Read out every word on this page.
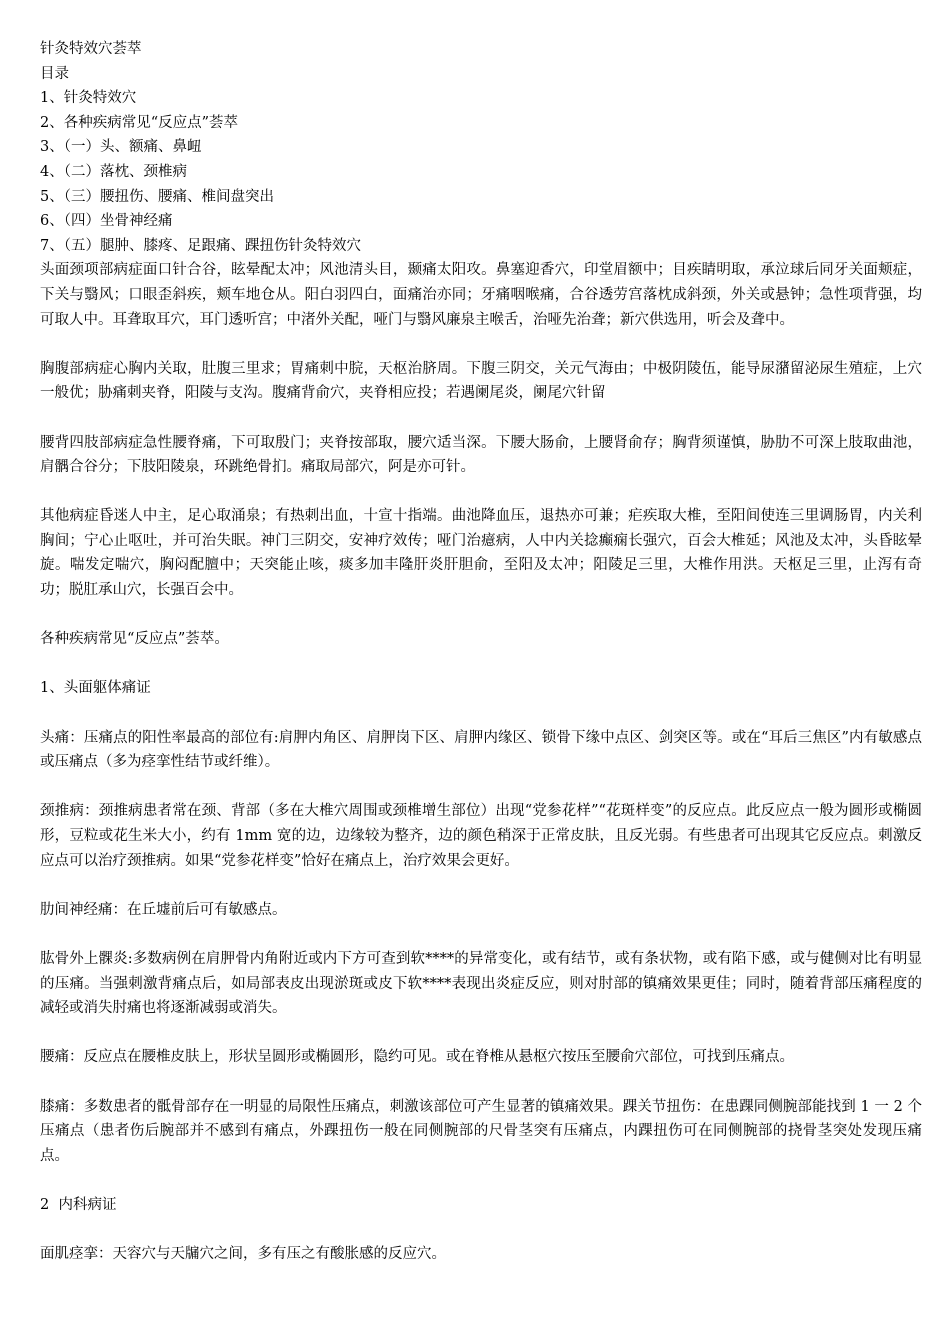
针灸特效穴荟萃

目录

1、针灸特效穴

2、各种疾病常见“反应点”荟萃

3、（一）头、额痛、鼻衄

4、（二）落枕、颈椎病

5、（三）腰扭伤、腰痛、椎间盘突出

6、（四）坐骨神经痛

7、（五）腿肿、膝疼、足跟痛、踝扭伤针灸特效穴

头面颈项部病症面口针合谷，眩晕配太冲；风池清头目，颞痛太阳攻。鼻塞迎香穴，印堂眉额中；目疾睛明取，承泣球后同牙关面颊症，下关与翳风；口眼歪斜疾，颊车地仓从。阳白羽四白，面痛治亦同；牙痛咽喉痛，合谷透劳宫落枕成斜颈，外关或悬钟；急性项背强，均可取人中。耳聋取耳穴，耳门透听宫；中渚外关配，哑门与翳风廉泉主喉舌，治哑先治聋；新穴供选用，听会及聋中。

胸腹部病症心胸内关取，肚腹三里求；胃痛刺中脘，天枢治脐周。下腹三阴交，关元气海由；中极阴陵伍，能导尿潴留泌尿生殖症，上穴一般优；胁痛刺夹脊，阳陵与支沟。腹痛背俞穴，夹脊相应投；若遇阑尾炎，阑尾穴针留

腰背四肢部病症急性腰脊痛，下可取殷门；夹脊按部取，腰穴适当深。下腰大肠俞，上腰肾俞存；胸背须谨慎，胁肋不可深上肢取曲池，肩髃合谷分；下肢阳陵泉，环跳绝骨扪。痛取局部穴，阿是亦可针。

其他病症昏迷人中主，足心取涌泉；有热刺出血，十宣十指端。曲池降血压，退热亦可兼；疟疾取大椎，至阳间使连三里调肠胃，内关利胸间；宁心止呕吐，并可治失眠。神门三阴交，安神疗效传；哑门治癔病，人中内关捻癫痫长强穴，百会大椎延；风池及太冲，头昏眩晕旋。喘发定喘穴，胸闷配膻中；天突能止咳，痰多加丰隆肝炎肝胆俞，至阳及太冲；阳陵足三里，大椎作用洪。天枢足三里，止泻有奇功；脱肛承山穴，长强百会中。

各种疾病常见“反应点”荟萃。

1、头面躯体痛证

头痛：压痛点的阳性率最高的部位有:肩胛内角区、肩胛岗下区、肩胛内缘区、锁骨下缘中点区、剑突区等。或在“耳后三焦区”内有敏感点或压痛点（多为痉挛性结节或纤维）。

颈推病：颈推病患者常在颈、背部（多在大椎穴周围或颈椎增生部位）出现“党参花样”“花斑样变”的反应点。此反应点一般为圆形或椭圆形，豆粒或花生米大小，约有 1mm 宽的边，边缘较为整齐，边的颜色稍深于正常皮肤，且反光弱。有些患者可出现其它反应点。刺激反应点可以治疗颈推病。如果“党参花样变”恰好在痛点上，治疗效果会更好。

肋间神经痛：在丘墟前后可有敏感点。

肱骨外上髁炎:多数病例在肩胛骨内角附近或内下方可查到软****的异常变化，或有结节，或有条状物，或有陷下感，或与健侧对比有明显的压痛。当强刺激背痛点后，如局部表皮出现淤斑或皮下软****表现出炎症反应，则对肘部的镇痛效果更佳；同时，随着背部压痛程度的减轻或消失肘痛也将逐渐减弱或消失。

腰痛：反应点在腰椎皮肤上，形状呈圆形或椭圆形，隐约可见。或在脊椎从悬枢穴按压至腰俞穴部位，可找到压痛点。

膝痛：多数患者的骶骨部存在一明显的局限性压痛点，刺激该部位可产生显著的镇痛效果。踝关节扭伤：在患踝同侧腕部能找到 1 一 2 个压痛点（患者伤后腕部并不感到有痛点，外踝扭伤一般在同侧腕部的尺骨茎突有压痛点，内踝扭伤可在同侧腕部的挠骨茎突处发现压痛点。

2  内科病证

面肌痉挛：天容穴与天牖穴之间，多有压之有酸胀感的反应穴。
